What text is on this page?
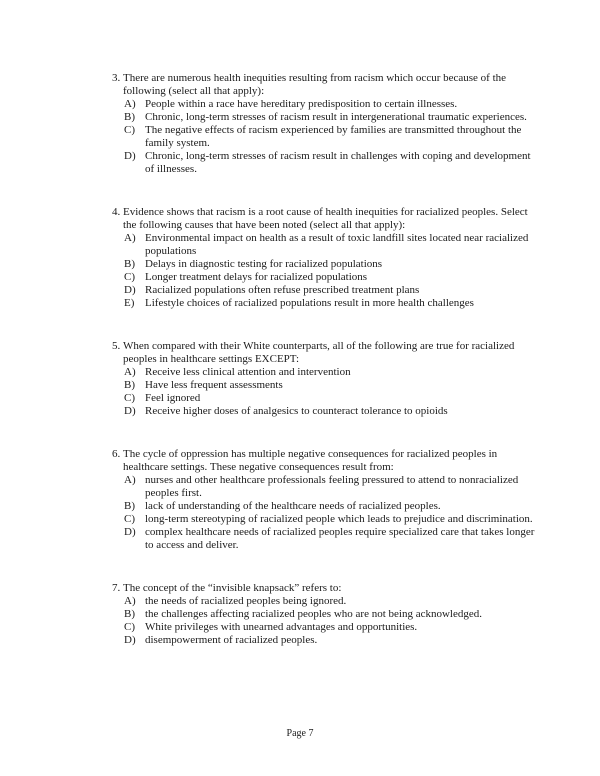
3. There are numerous health inequities resulting from racism which occur because of the following (select all that apply):
A) People within a race have hereditary predisposition to certain illnesses.
B) Chronic, long-term stresses of racism result in intergenerational traumatic experiences.
C) The negative effects of racism experienced by families are transmitted throughout the family system.
D) Chronic, long-term stresses of racism result in challenges with coping and development of illnesses.
4. Evidence shows that racism is a root cause of health inequities for racialized peoples. Select the following causes that have been noted (select all that apply):
A) Environmental impact on health as a result of toxic landfill sites located near racialized populations
B) Delays in diagnostic testing for racialized populations
C) Longer treatment delays for racialized populations
D) Racialized populations often refuse prescribed treatment plans
E) Lifestyle choices of racialized populations result in more health challenges
5. When compared with their White counterparts, all of the following are true for racialized peoples in healthcare settings EXCEPT:
A) Receive less clinical attention and intervention
B) Have less frequent assessments
C) Feel ignored
D) Receive higher doses of analgesics to counteract tolerance to opioids
6. The cycle of oppression has multiple negative consequences for racialized peoples in healthcare settings. These negative consequences result from:
A) nurses and other healthcare professionals feeling pressured to attend to nonracialized peoples first.
B) lack of understanding of the healthcare needs of racialized peoples.
C) long-term stereotyping of racialized people which leads to prejudice and discrimination.
D) complex healthcare needs of racialized peoples require specialized care that takes longer to access and deliver.
7. The concept of the “invisible knapsack” refers to:
A) the needs of racialized peoples being ignored.
B) the challenges affecting racialized peoples who are not being acknowledged.
C) White privileges with unearned advantages and opportunities.
D) disempowerment of racialized peoples.
Page 7
